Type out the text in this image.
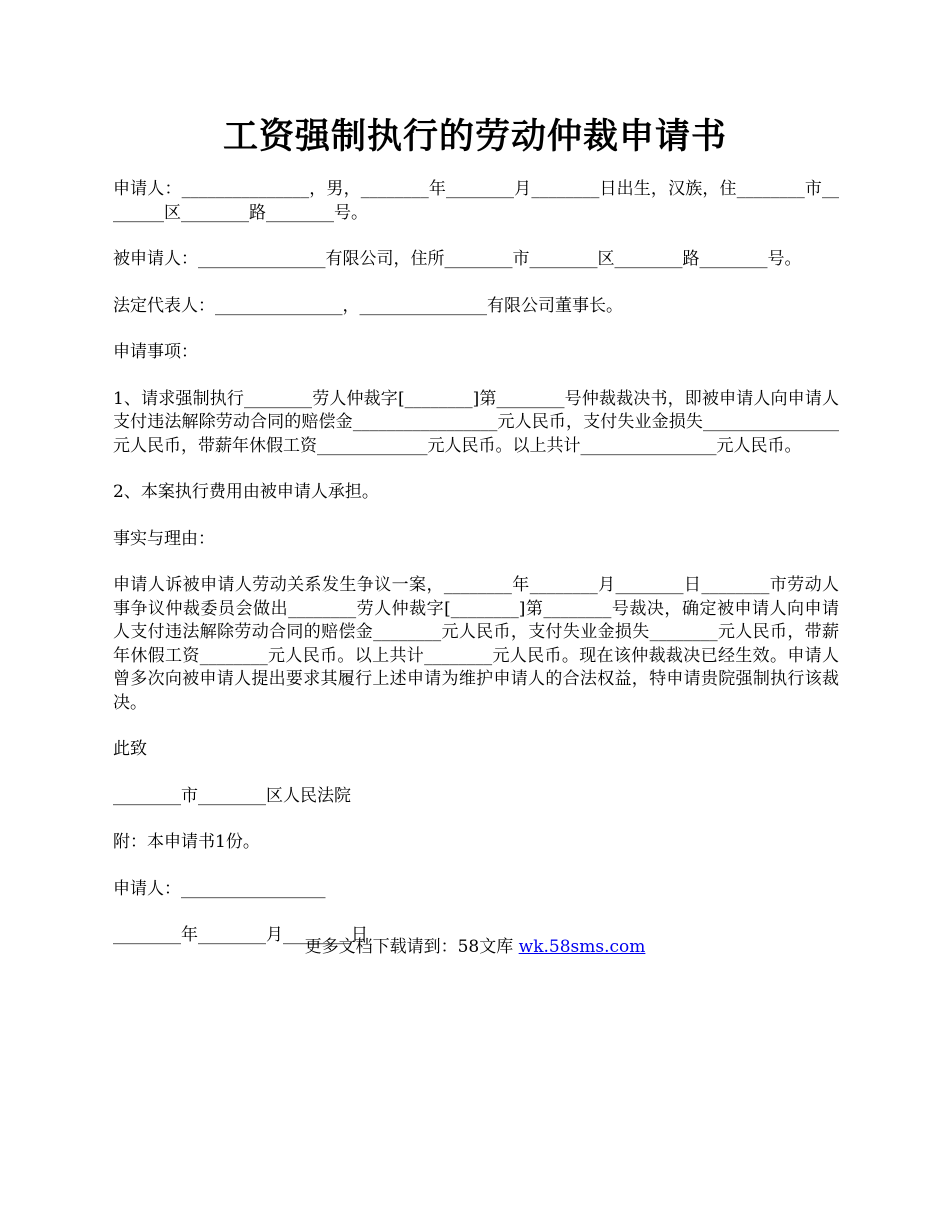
工资强制执行的劳动仲裁申请书

申请人：_______________，男，________年________月________日出生，汉族，住________市________区________路________号。

被申请人：_______________有限公司，住所________市________区________路________号。

法定代表人：_______________，_______________有限公司董事长。

申请事项：

1、请求强制执行________劳人仲裁字[________]第________号仲裁裁决书，即被申请人向申请人支付违法解除劳动合同的赔偿金_________________元人民币，支付失业金损失________________元人民币，带薪年休假工资_____________元人民币。以上共计________________元人民币。

2、本案执行费用由被申请人承担。

事实与理由：

申请人诉被申请人劳动关系发生争议一案，________年________月________日________市劳动人事争议仲裁委员会做出________劳人仲裁字[________]第________号裁决，确定被申请人向申请人支付违法解除劳动合同的赔偿金________元人民币，支付失业金损失________元人民币，带薪年休假工资________元人民币。以上共计________元人民币。现在该仲裁裁决已经生效。申请人曾多次向被申请人提出要求其履行上述申请为维护申请人的合法权益，特申请贵院强制执行该裁决。

此致

________市________区人民法院

附：本申请书1份。

申请人：_________________

________年________月________日

更多文档下载请到：58文库 wk.58sms.com
